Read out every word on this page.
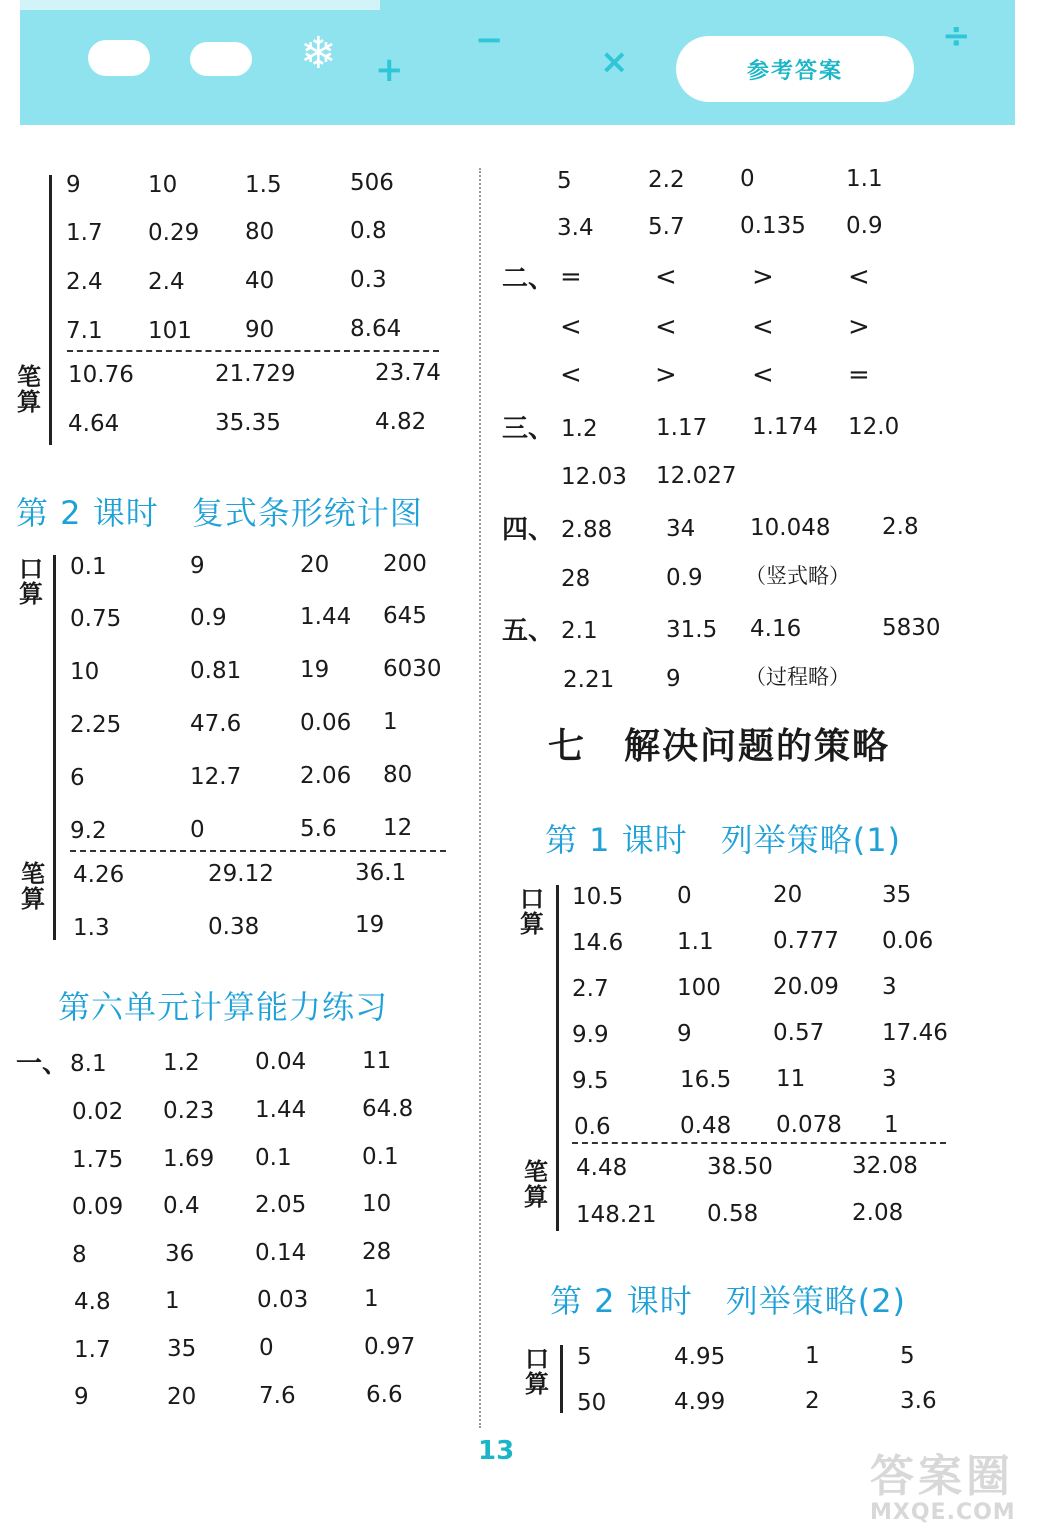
❄ +
−
×
÷
参考答案
笔算
9	10	1.5	506
1.7 0.29 80	0.8
2.4 2.4	40	0.3
7.1 101 90	8.64
10.76	21.729	23.74
4.64	35.35	4.82
第 2 课时　复式条形统计图
口算
笔算
0.1	9	20 200
0.75	0.9	1.44 645
10	0.81	19 6030
2.25	47.6	0.06 1
6	12.7	2.06 80
9.2	0	5.6 12
4.26	29.12	36.1
1.3	0.38	19
第六单元计算能力练习
一、 8.1 1.2 0.04 11
0.02 0.23 1.44 64.8
1.75 1.69 0.1	0.1
0.09 0.4 2.05 10
8	36	0.14 28
4.8 1	0.03 1
1.7 35	0	0.97
9	20	7.6	6.6
5	2.2 0	1.1
3.4 5.7 0.135 0.9
二、 =	<	>	<
<	<	<	>
<	>	<	=
三、 1.2	1.17 1.174 12.0
12.03 12.027
四、 2.88 34 10.048 2.8
28	0.9 （竖式略）
五、 2.1	31.5 4.16	5830
2.21 9	（过程略）
七　解决问题的策略
第 1 课时　列举策略(1)
口算
笔算
10.5 0	20	35
14.6 1.1	0.777 0.06
2.7	100 20.09 3
9.9	9	0.57	17.46
9.5	16.5 11	3
0.6	0.48 0.078 1
4.48	38.50	32.08
148.21 0.58	2.08
第 2 课时　列举策略(2)
口算
5	4.95	1	5
50	4.99	2	3.6
13	答案圈
MXQE.COM
